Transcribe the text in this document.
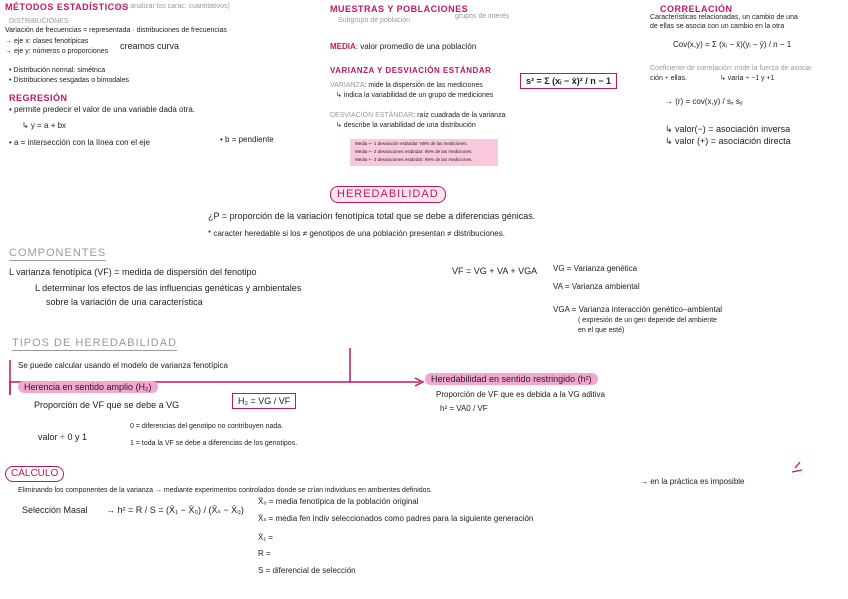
MÉTODOS ESTADÍSTICOS
(para analizar los carac. cuantitativos)
DISTRIBUCIONES
Variación de frecuencias = representada · distribuciones de frecuencias
→ eje x: clases fenotípicas
→ eje y: números o proporciones
creamos curva
• Distribución normal: simétrica
• Distribuciones sesgadas o bimodales
REGRESIÓN
• permite predecir el valor de una variable dada otra.
↳ y = a + bx
• a = intersección con la línea con el eje	• b = pendiente
MUESTRAS Y POBLACIONES
Subgrupo de población
grupos de interés
MEDIA: valor promedio de una población
VARIANZA Y DESVIACIÓN ESTÁNDAR
VARIANZA: mide la dispersión de las mediciones
↳ indica la variabilidad de un grupo de mediciones
s² = Σ (xᵢ − x̄)² / n − 1
DESVIACIÓN ESTÁNDAR: raíz cuadrada de la varianza
↳ describe la variabilidad de una distribución
Media +- 1 desviación estándar: 68% de las mediciones.
Media +- 2 desviaciones estándar: 95% de las mediciones.
Media +- 3 desviaciones estándar: 99% de las mediciones.
CORRELACIÓN
Características relacionadas, un cambio de una
de ellas se asocia con un cambio en la otra
Cov(x,y) = Σ (xᵢ − x̄)(yᵢ − ȳ) / n − 1
Coeficiente de correlación: mide la fuerza de asocia-
ción ÷ ellas.	↳ varía ÷ −1 y +1
→ (r) = cov(x,y) / sₓ sᵧ
↳ valor(−) = asociación inversa
↳ valor (+) = asociación directa
HEREDABILIDAD
¿P = proporción de la variación fenotípica total que se debe a diferencias génicas.
* caracter heredable si los ≠ genotipos de una población presentan ≠ distribuciones.
COMPONENTES
L varianza fenotípica (VF) = medida de dispersión del fenotipo
L determinar los efectos de las influencias genéticas y ambientales
sobre la variación de una característica
VF = VG + VA + VGA VG = Varianza genética
VA = Varianza ambiental
VGA = Varianza interacción genético–ambiental
( expresión de un gen depende del ambiente
en el que esté)
TIPOS DE HEREDABILIDAD
Se puede calcular usando el modelo de varianza fenotípica
Herencia en sentido amplio (H₂)
Proporción de VF que se debe a VG	H₂ = VG / VF
valor ÷ 0 y 1
0 = diferencias del genotipo no contribuyen nada.
1 = toda la VF se debe a diferencias de los genotipos.
Heredabilidad en sentido restringido (h²)
Proporción de VF que es debida a la VG aditiva
h² = VA0 / VF
CÁLCULO
Eliminando los componentes de la varianza → mediante experimentos controlados donde se crían individuos en ambientes definidos.
→ en la práctica es imposible
Selección Masal → h² = R / S = (X̄₁ − X̄₀) / (X̄ₛ − X̄₀)
X̄₀ = media fenotípica de la población original
X̄ₛ = media fen indiv seleccionados como padres para la siguiente generación
X̄₁ =
R =
S = diferencial de selección
